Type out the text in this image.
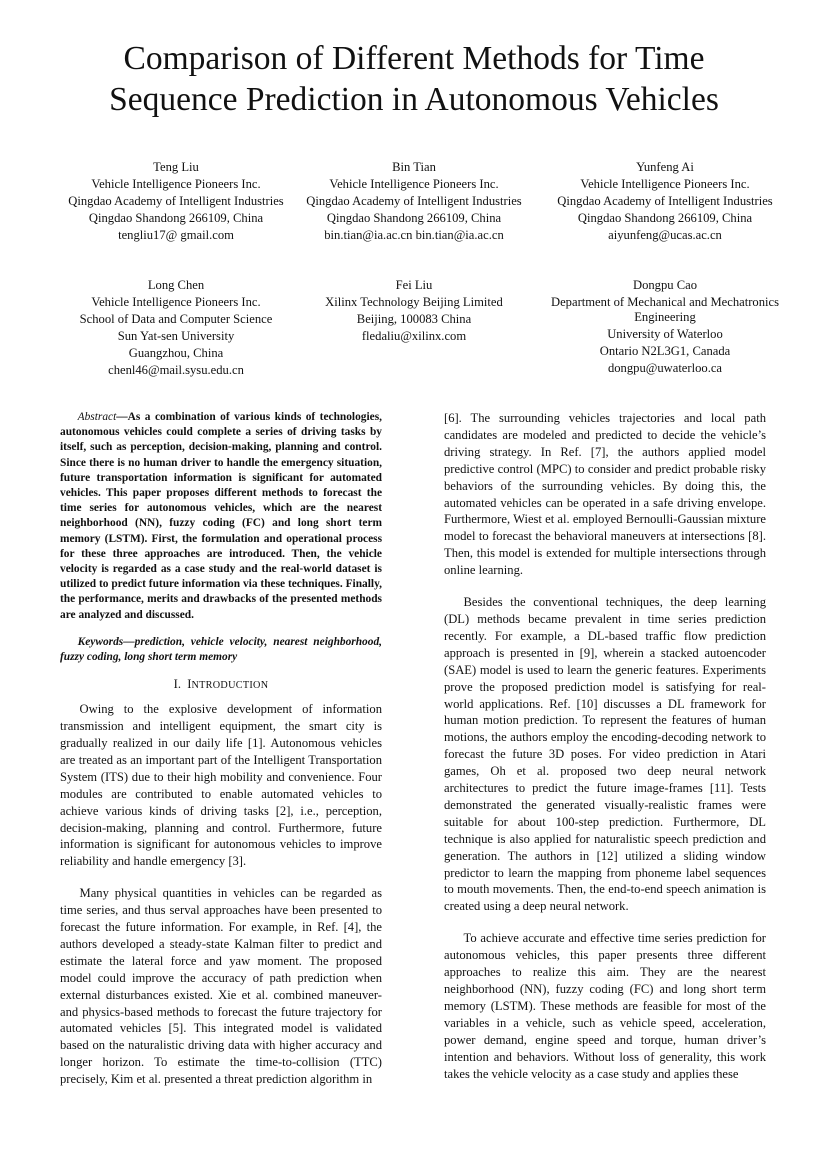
Comparison of Different Methods for Time
Sequence Prediction in Autonomous Vehicles
Teng Liu
Vehicle Intelligence Pioneers Inc.
Qingdao Academy of Intelligent Industries
Qingdao Shandong 266109, China
tengliu17@ gmail.com
Bin Tian
Vehicle Intelligence Pioneers Inc.
Qingdao Academy of Intelligent Industries
Qingdao Shandong 266109, China
bin.tian@ia.ac.cn bin.tian@ia.ac.cn
Yunfeng Ai
Vehicle Intelligence Pioneers Inc.
Qingdao Academy of Intelligent Industries
Qingdao Shandong 266109, China
aiyunfeng@ucas.ac.cn
Long Chen
Vehicle Intelligence Pioneers Inc.
School of Data and Computer Science
Sun Yat-sen University
Guangzhou, China
chenl46@mail.sysu.edu.cn
Fei Liu
Xilinx Technology Beijing Limited
Beijing, 100083 China
fledaliu@xilinx.com
Dongpu Cao
Department of Mechanical and Mechatronics Engineering
University of Waterloo
Ontario N2L3G1, Canada
dongpu@uwaterloo.ca

Abstract—As a combination of various kinds of technologies, autonomous vehicles could complete a series of driving tasks by itself, such as perception, decision-making, planning and control. Since there is no human driver to handle the emergency situation, future transportation information is significant for automated vehicles. This paper proposes different methods to forecast the time series for autonomous vehicles, which are the nearest neighborhood (NN), fuzzy coding (FC) and long short term memory (LSTM). First, the formulation and operational process for these three approaches are introduced. Then, the vehicle velocity is regarded as a case study and the real-world dataset is utilized to predict future information via these techniques. Finally, the performance, merits and drawbacks of the presented methods are analyzed and discussed.

Keywords—prediction, vehicle velocity, nearest neighborhood, fuzzy coding, long short term memory

I. INTRODUCTION

Owing to the explosive development of information transmission and intelligent equipment, the smart city is gradually realized in our daily life [1]. Autonomous vehicles are treated as an important part of the Intelligent Transportation System (ITS) due to their high mobility and convenience. Four modules are contributed to enable automated vehicles to achieve various kinds of driving tasks [2], i.e., perception, decision-making, planning and control. Furthermore, future information is significant for autonomous vehicles to improve reliability and handle emergency [3].

Many physical quantities in vehicles can be regarded as time series, and thus serval approaches have been presented to forecast the future information. For example, in Ref. [4], the authors developed a steady-state Kalman filter to predict and estimate the lateral force and yaw moment. The proposed model could improve the accuracy of path prediction when external disturbances existed. Xie et al. combined maneuver- and physics-based methods to forecast the future trajectory for automated vehicles [5]. This integrated model is validated based on the naturalistic driving data with higher accuracy and longer horizon. To estimate the time-to-collision (TTC) precisely, Kim et al. presented a threat prediction algorithm in

[6]. The surrounding vehicles trajectories and local path candidates are modeled and predicted to decide the vehicle’s driving strategy. In Ref. [7], the authors applied model predictive control (MPC) to consider and predict probable risky behaviors of the surrounding vehicles. By doing this, the automated vehicles can be operated in a safe driving envelope. Furthermore, Wiest et al. employed Bernoulli-Gaussian mixture model to forecast the behavioral maneuvers at intersections [8]. Then, this model is extended for multiple intersections through online learning.

Besides the conventional techniques, the deep learning (DL) methods became prevalent in time series prediction recently. For example, a DL-based traffic flow prediction approach is presented in [9], wherein a stacked autoencoder (SAE) model is used to learn the generic features. Experiments prove the proposed prediction model is satisfying for real-world applications. Ref. [10] discusses a DL framework for human motion prediction. To represent the features of human motions, the authors employ the encoding-decoding network to forecast the future 3D poses. For video prediction in Atari games, Oh et al. proposed two deep neural network architectures to predict the future image-frames [11]. Tests demonstrated the generated visually-realistic frames were suitable for about 100-step prediction. Furthermore, DL technique is also applied for naturalistic speech prediction and generation. The authors in [12] utilized a sliding window predictor to learn the mapping from phoneme label sequences to mouth movements. Then, the end-to-end speech animation is created using a deep neural network.

To achieve accurate and effective time series prediction for autonomous vehicles, this paper presents three different approaches to realize this aim. They are the nearest neighborhood (NN), fuzzy coding (FC) and long short term memory (LSTM). These methods are feasible for most of the variables in a vehicle, such as vehicle speed, acceleration, power demand, engine speed and torque, human driver’s intention and behaviors. Without loss of generality, this work takes the vehicle velocity as a case study and applies these
